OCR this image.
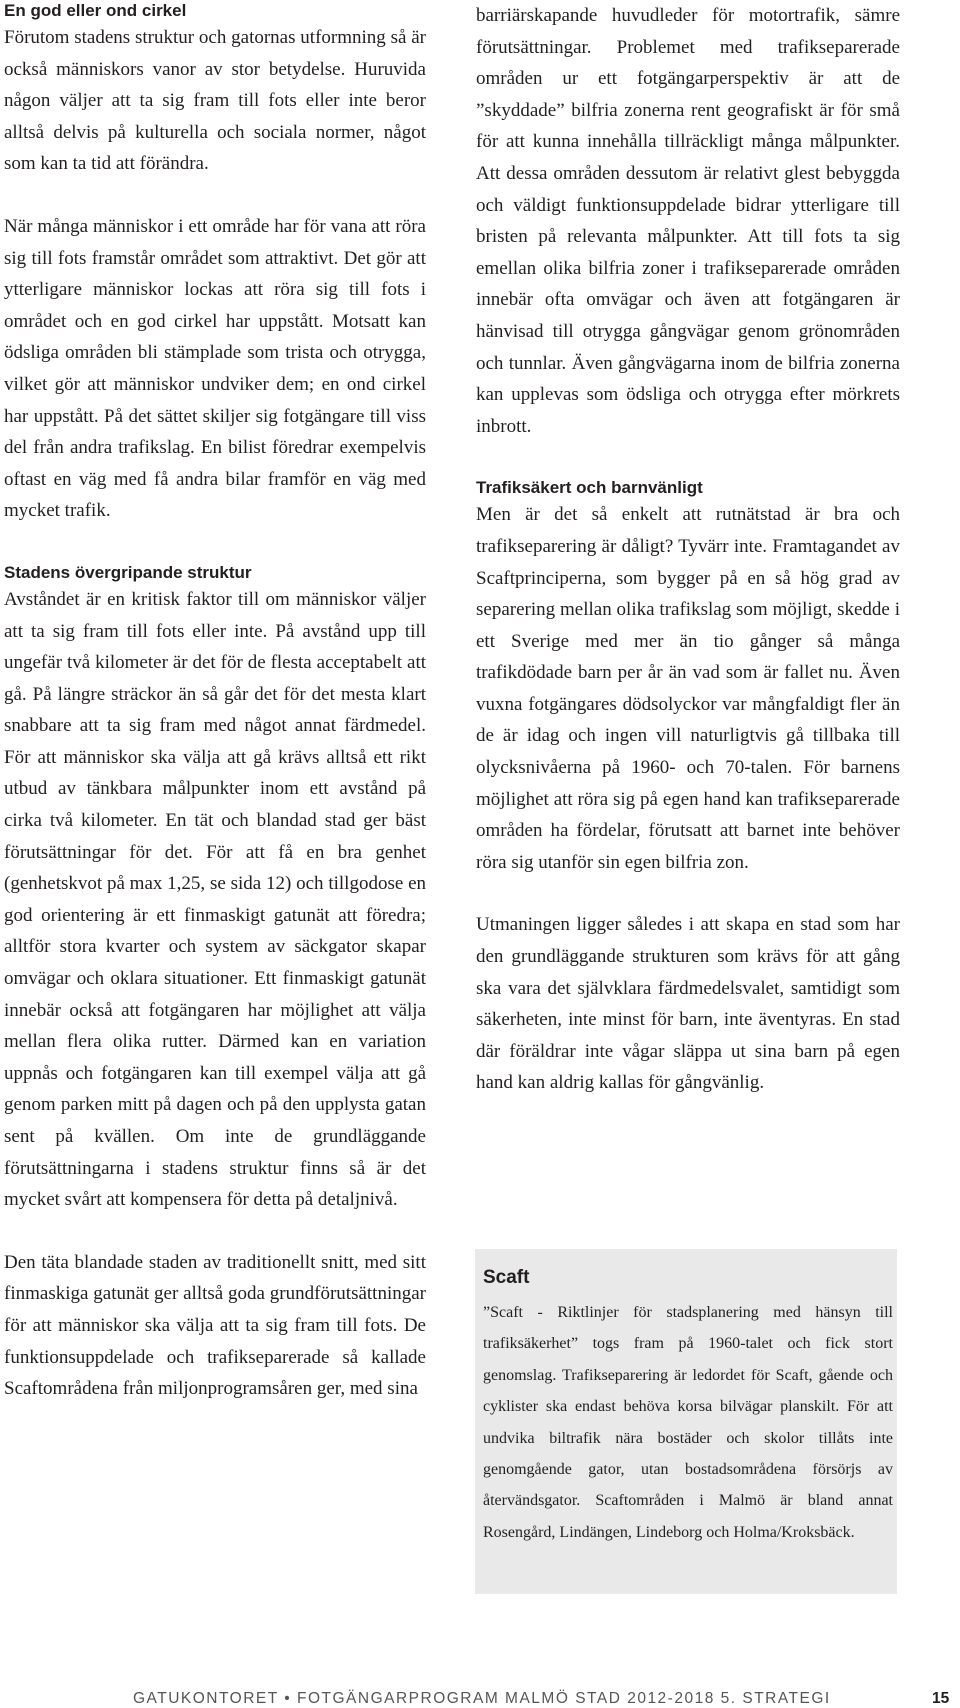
En god eller ond cirkel

Förutom stadens struktur och gatornas utformning så är också människors vanor av stor betydelse. Huruvida någon väljer att ta sig fram till fots eller inte beror alltså delvis på kulturella och sociala normer, något som kan ta tid att förändra.

När många människor i ett område har för vana att röra sig till fots framstår området som attraktivt. Det gör att ytterligare människor lockas att röra sig till fots i området och en god cirkel har uppstått. Motsatt kan ödsliga områden bli stämplade som trista och otrygga, vilket gör att människor undviker dem; en ond cirkel har uppstått. På det sättet skiljer sig fotgängare till viss del från andra trafikslag. En bilist föredrar exempelvis oftast en väg med få andra bilar framför en väg med mycket trafik.

Stadens övergripande struktur

Avståndet är en kritisk faktor till om människor väljer att ta sig fram till fots eller inte. På avstånd upp till ungefär två kilometer är det för de flesta acceptabelt att gå. På längre sträckor än så går det för det mesta klart snabbare att ta sig fram med något annat färdmedel. För att människor ska välja att gå krävs alltså ett rikt utbud av tänkbara målpunkter inom ett avstånd på cirka två kilometer. En tät och blandad stad ger bäst förutsättningar för det. För att få en bra genhet (genhetskvot på max 1,25, se sida 12) och tillgodose en god orientering är ett finmaskigt gatunät att föredra; alltför stora kvarter och system av säckgator skapar omvägar och oklara situationer. Ett finmaskigt gatunät innebär också att fotgängaren har möjlighet att välja mellan flera olika rutter. Därmed kan en variation uppnås och fotgängaren kan till exempel välja att gå genom parken mitt på dagen och på den upplysta gatan sent på kvällen. Om inte de grundläggande förutsättningarna i stadens struktur finns så är det mycket svårt att kompensera för detta på detaljnivå.

Den täta blandade staden av traditionellt snitt, med sitt finmaskiga gatunät ger alltså goda grundförutsättningar för att människor ska välja att ta sig fram till fots. De funktionsuppdelade och trafikseparerade så kallade Scaftområdena från miljonprogramsåren ger, med sina

barriärskapande huvudleder för motortrafik, sämre förutsättningar. Problemet med trafikseparerade områden ur ett fotgängarperspektiv är att de ”skyddade” bilfria zonerna rent geografiskt är för små för att kunna innehålla tillräckligt många målpunkter. Att dessa områden dessutom är relativt glest bebyggda och väldigt funktionsuppdelade bidrar ytterligare till bristen på relevanta målpunkter. Att till fots ta sig emellan olika bilfria zoner i trafikseparerade områden innebär ofta omvägar och även att fotgängaren är hänvisad till otrygga gångvägar genom grönområden och tunnlar. Även gångvägarna inom de bilfria zonerna kan upplevas som ödsliga och otrygga efter mörkrets inbrott.

Trafiksäkert och barnvänligt

Men är det så enkelt att rutnätstad är bra och trafikseparering är dåligt? Tyvärr inte. Framtagandet av Scaftprinciperna, som bygger på en så hög grad av separering mellan olika trafikslag som möjligt, skedde i ett Sverige med mer än tio gånger så många trafikdödade barn per år än vad som är fallet nu. Även vuxna fotgängares dödsolyckor var mångfaldigt fler än de är idag och ingen vill naturligtvis gå tillbaka till olycksnivåerna på 1960- och 70-talen. För barnens möjlighet att röra sig på egen hand kan trafikseparerade områden ha fördelar, förutsatt att barnet inte behöver röra sig utanför sin egen bilfria zon.

Utmaningen ligger således i att skapa en stad som har den grundläggande strukturen som krävs för att gång ska vara det självklara färdmedelsvalet, samtidigt som säkerheten, inte minst för barn, inte äventyras. En stad där föräldrar inte vågar släppa ut sina barn på egen hand kan aldrig kallas för gångvänlig.

Scaft

”Scaft - Riktlinjer för stadsplanering med hänsyn till trafiksäkerhet” togs fram på 1960-talet och fick stort genomslag. Trafikseparering är ledordet för Scaft, gående och cyklister ska endast behöva korsa bilvägar planskilt. För att undvika biltrafik nära bostäder och skolor tillåts inte genomgående gator, utan bostadsområdena försörjs av återvändsgator. Scaftområden i Malmö är bland annat Rosengård, Lindängen, Lindeborg och Holma/Kroksbäck.

GATUKONTORET • FOTGÄNGARPROGRAM MALMÖ STAD 2012-2018 5. STRATEGI	15
